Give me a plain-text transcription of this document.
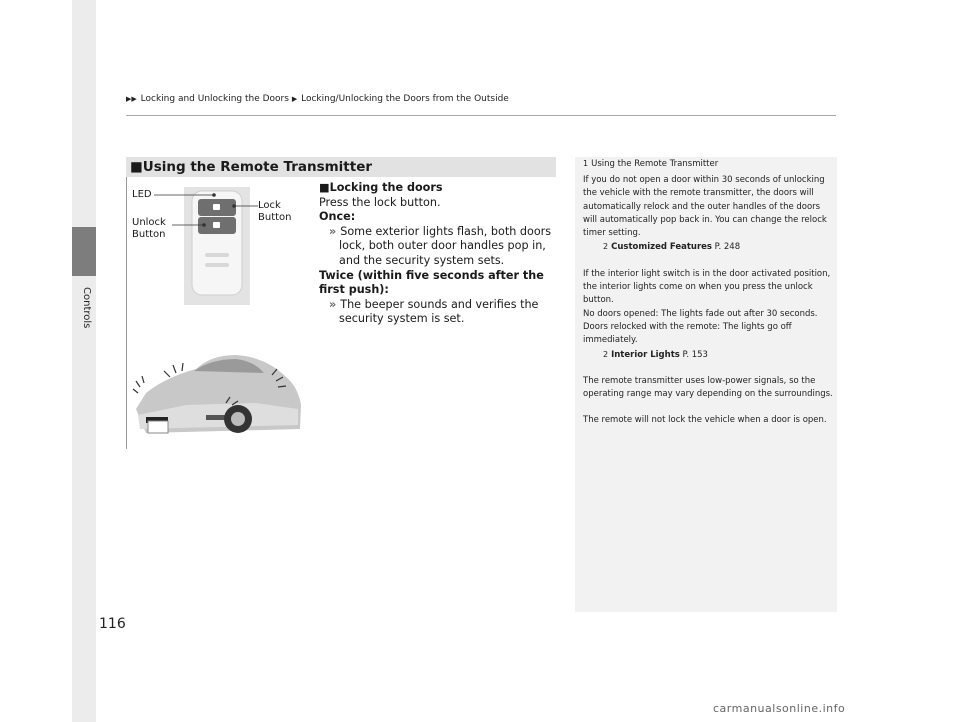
Controls
▶▶ Locking and Unlocking the Doors ▶ Locking/Unlocking the Doors from the Outside
■Using the Remote Transmitter
LED
Lock
Button
Unlock
Button
■Locking the doors
Press the lock button.
Once:
» Some exterior lights flash, both doors lock, both outer door handles pop in, and the security system sets.
Twice (within five seconds after the first push):
» The beeper sounds and verifies the security system is set.
1 Using the Remote Transmitter

If you do not open a door within 30 seconds of unlocking the vehicle with the remote transmitter, the doors will automatically relock and the outer handles of the doors will automatically pop back in. You can change the relock timer setting.

2 Customized Features P. 248

If the interior light switch is in the door activated position, the interior lights come on when you press the unlock button.

No doors opened: The lights fade out after 30 seconds.

Doors relocked with the remote: The lights go off immediately.

2 Interior Lights P. 153

The remote transmitter uses low-power signals, so the operating range may vary depending on the surroundings.

The remote will not lock the vehicle when a door is open.

116
carmanualsonline.info
